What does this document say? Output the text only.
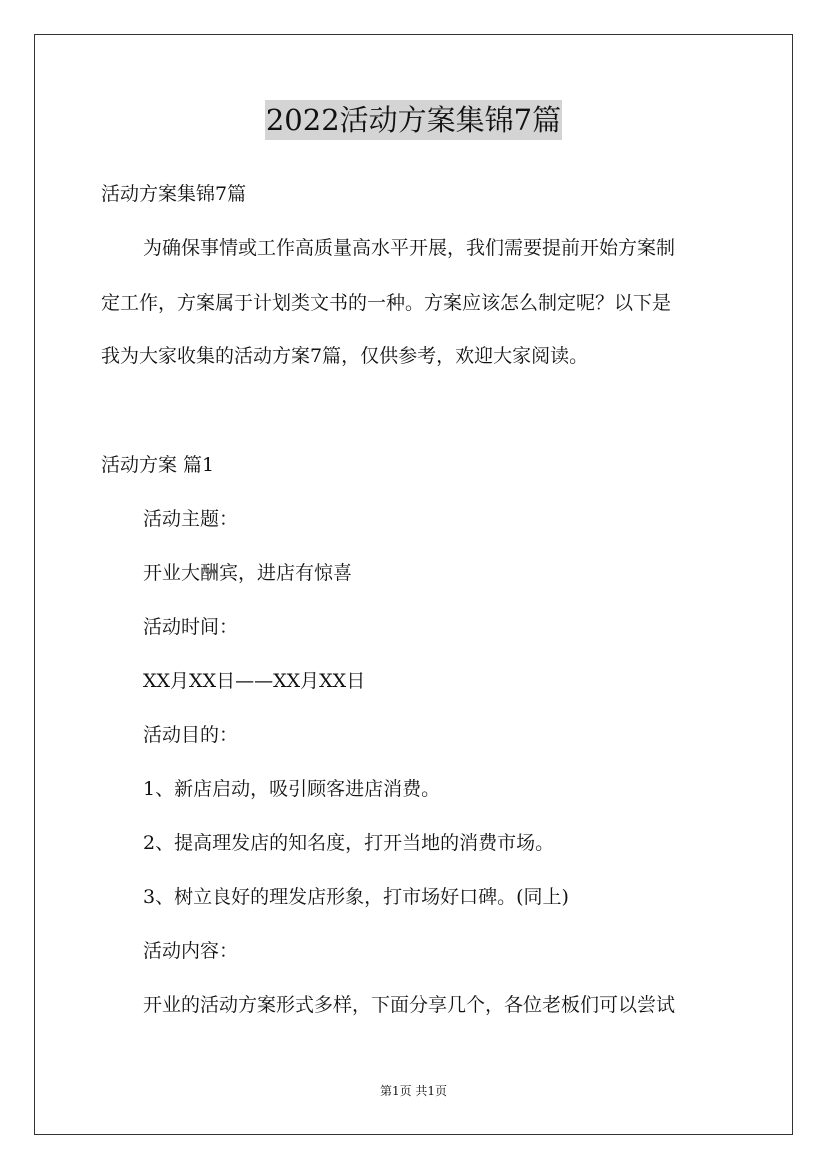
2022活动方案集锦7篇
活动方案集锦7篇
为确保事情或工作高质量高水平开展，我们需要提前开始方案制
定工作，方案属于计划类文书的一种。方案应该怎么制定呢？以下是
我为大家收集的活动方案7篇，仅供参考，欢迎大家阅读。
活动方案 篇1
活动主题：
开业大酬宾，进店有惊喜
活动时间：
XX月XX日——XX月XX日
活动目的：
1、新店启动，吸引顾客进店消费。
2、提高理发店的知名度，打开当地的消费市场。
3、树立良好的理发店形象，打市场好口碑。(同上)
活动内容：
开业的活动方案形式多样，下面分享几个，各位老板们可以尝试
第1页 共1页
